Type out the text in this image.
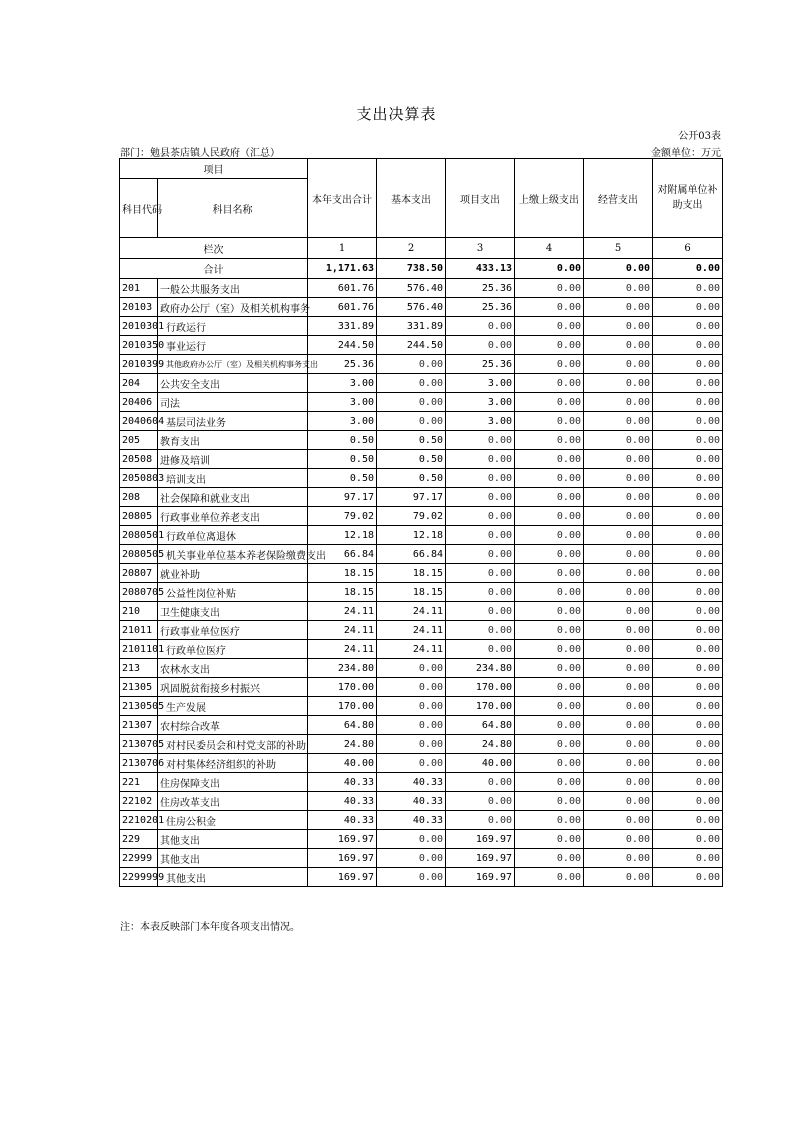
支出决算表
公开03表
部门：勉县茶店镇人民政府（汇总）	金额单位：万元
项目		本年支出合计	基本支出	项目支出	上缴上级支出	经营支出	对附属单位补助支出
科目代码	科目名称						
栏次		1	2	3	4	5	6
合计		1,171.63	738.50	433.13	0.00	0.00	0.00
201	一般公共服务支出	601.76	576.40	25.36	0.00	0.00	0.00
20103	政府办公厅（室）及相关机构事务	601.76	576.40	25.36	0.00	0.00	0.00
2010301	行政运行	331.89	331.89	0.00	0.00	0.00	0.00
2010350	事业运行	244.50	244.50	0.00	0.00	0.00	0.00
2010399	其他政府办公厅（室）及相关机构事务支出	25.36	0.00	25.36	0.00	0.00	0.00
204	公共安全支出	3.00	0.00	3.00	0.00	0.00	0.00
20406	司法	3.00	0.00	3.00	0.00	0.00	0.00
2040604	基层司法业务	3.00	0.00	3.00	0.00	0.00	0.00
205	教育支出	0.50	0.50	0.00	0.00	0.00	0.00
20508	进修及培训	0.50	0.50	0.00	0.00	0.00	0.00
2050803	培训支出	0.50	0.50	0.00	0.00	0.00	0.00
208	社会保障和就业支出	97.17	97.17	0.00	0.00	0.00	0.00
20805	行政事业单位养老支出	79.02	79.02	0.00	0.00	0.00	0.00
2080501	行政单位离退休	12.18	12.18	0.00	0.00	0.00	0.00
2080505	机关事业单位基本养老保险缴费支出	66.84	66.84	0.00	0.00	0.00	0.00
20807	就业补助	18.15	18.15	0.00	0.00	0.00	0.00
2080705	公益性岗位补贴	18.15	18.15	0.00	0.00	0.00	0.00
210	卫生健康支出	24.11	24.11	0.00	0.00	0.00	0.00
21011	行政事业单位医疗	24.11	24.11	0.00	0.00	0.00	0.00
2101101	行政单位医疗	24.11	24.11	0.00	0.00	0.00	0.00
213	农林水支出	234.80	0.00	234.80	0.00	0.00	0.00
21305	巩固脱贫衔接乡村振兴	170.00	0.00	170.00	0.00	0.00	0.00
2130505	生产发展	170.00	0.00	170.00	0.00	0.00	0.00
21307	农村综合改革	64.80	0.00	64.80	0.00	0.00	0.00
2130705	对村民委员会和村党支部的补助	24.80	0.00	24.80	0.00	0.00	0.00
2130706	对村集体经济组织的补助	40.00	0.00	40.00	0.00	0.00	0.00
221	住房保障支出	40.33	40.33	0.00	0.00	0.00	0.00
22102	住房改革支出	40.33	40.33	0.00	0.00	0.00	0.00
2210201	住房公积金	40.33	40.33	0.00	0.00	0.00	0.00
229	其他支出	169.97	0.00	169.97	0.00	0.00	0.00
22999	其他支出	169.97	0.00	169.97	0.00	0.00	0.00
2299999	其他支出	169.97	0.00	169.97	0.00	0.00	0.00
注：本表反映部门本年度各项支出情况。
